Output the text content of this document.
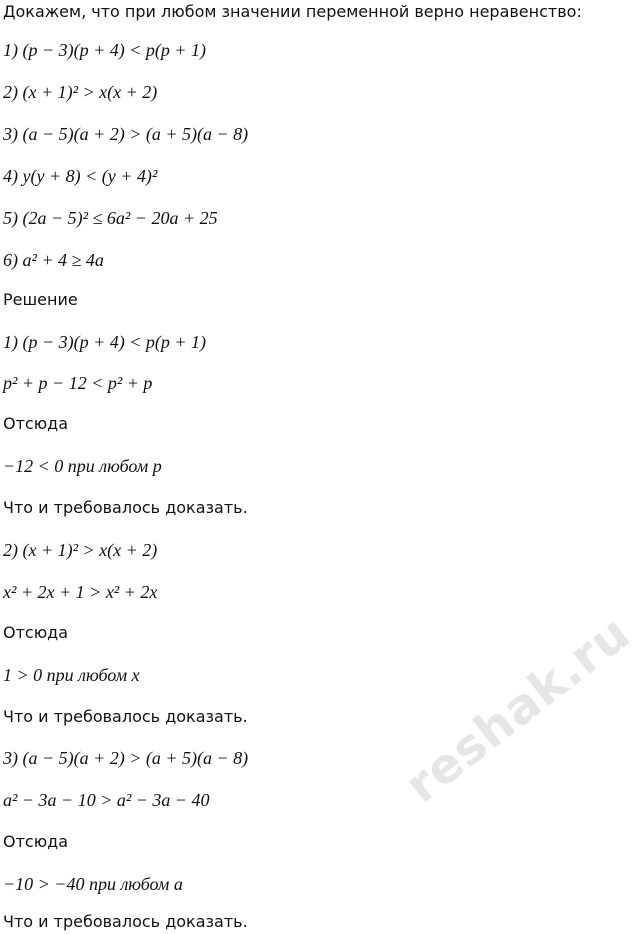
Докажем, что при любом значении переменной верно неравенство:
1) (p − 3)(p + 4) < p(p + 1)
2) (x + 1)² > x(x + 2)
3) (a − 5)(a + 2) > (a + 5)(a − 8)
4) y(y + 8) < (y + 4)²
5) (2a − 5)² ≤ 6a² − 20a + 25
6) a² + 4 ≥ 4a
Решение
1) (p − 3)(p + 4) < p(p + 1)
p² + p − 12 < p² + p
Отсюда
−12 < 0 при любом p
Что и требовалось доказать.
2) (x + 1)² > x(x + 2)
x² + 2x + 1 > x² + 2x
Отсюда
1 > 0 при любом x
Что и требовалось доказать.
3) (a − 5)(a + 2) > (a + 5)(a − 8)
a² − 3a − 10 > a² − 3a − 40
Отсюда
−10 > −40 при любом a
Что и требовалось доказать.
reshak.ru
